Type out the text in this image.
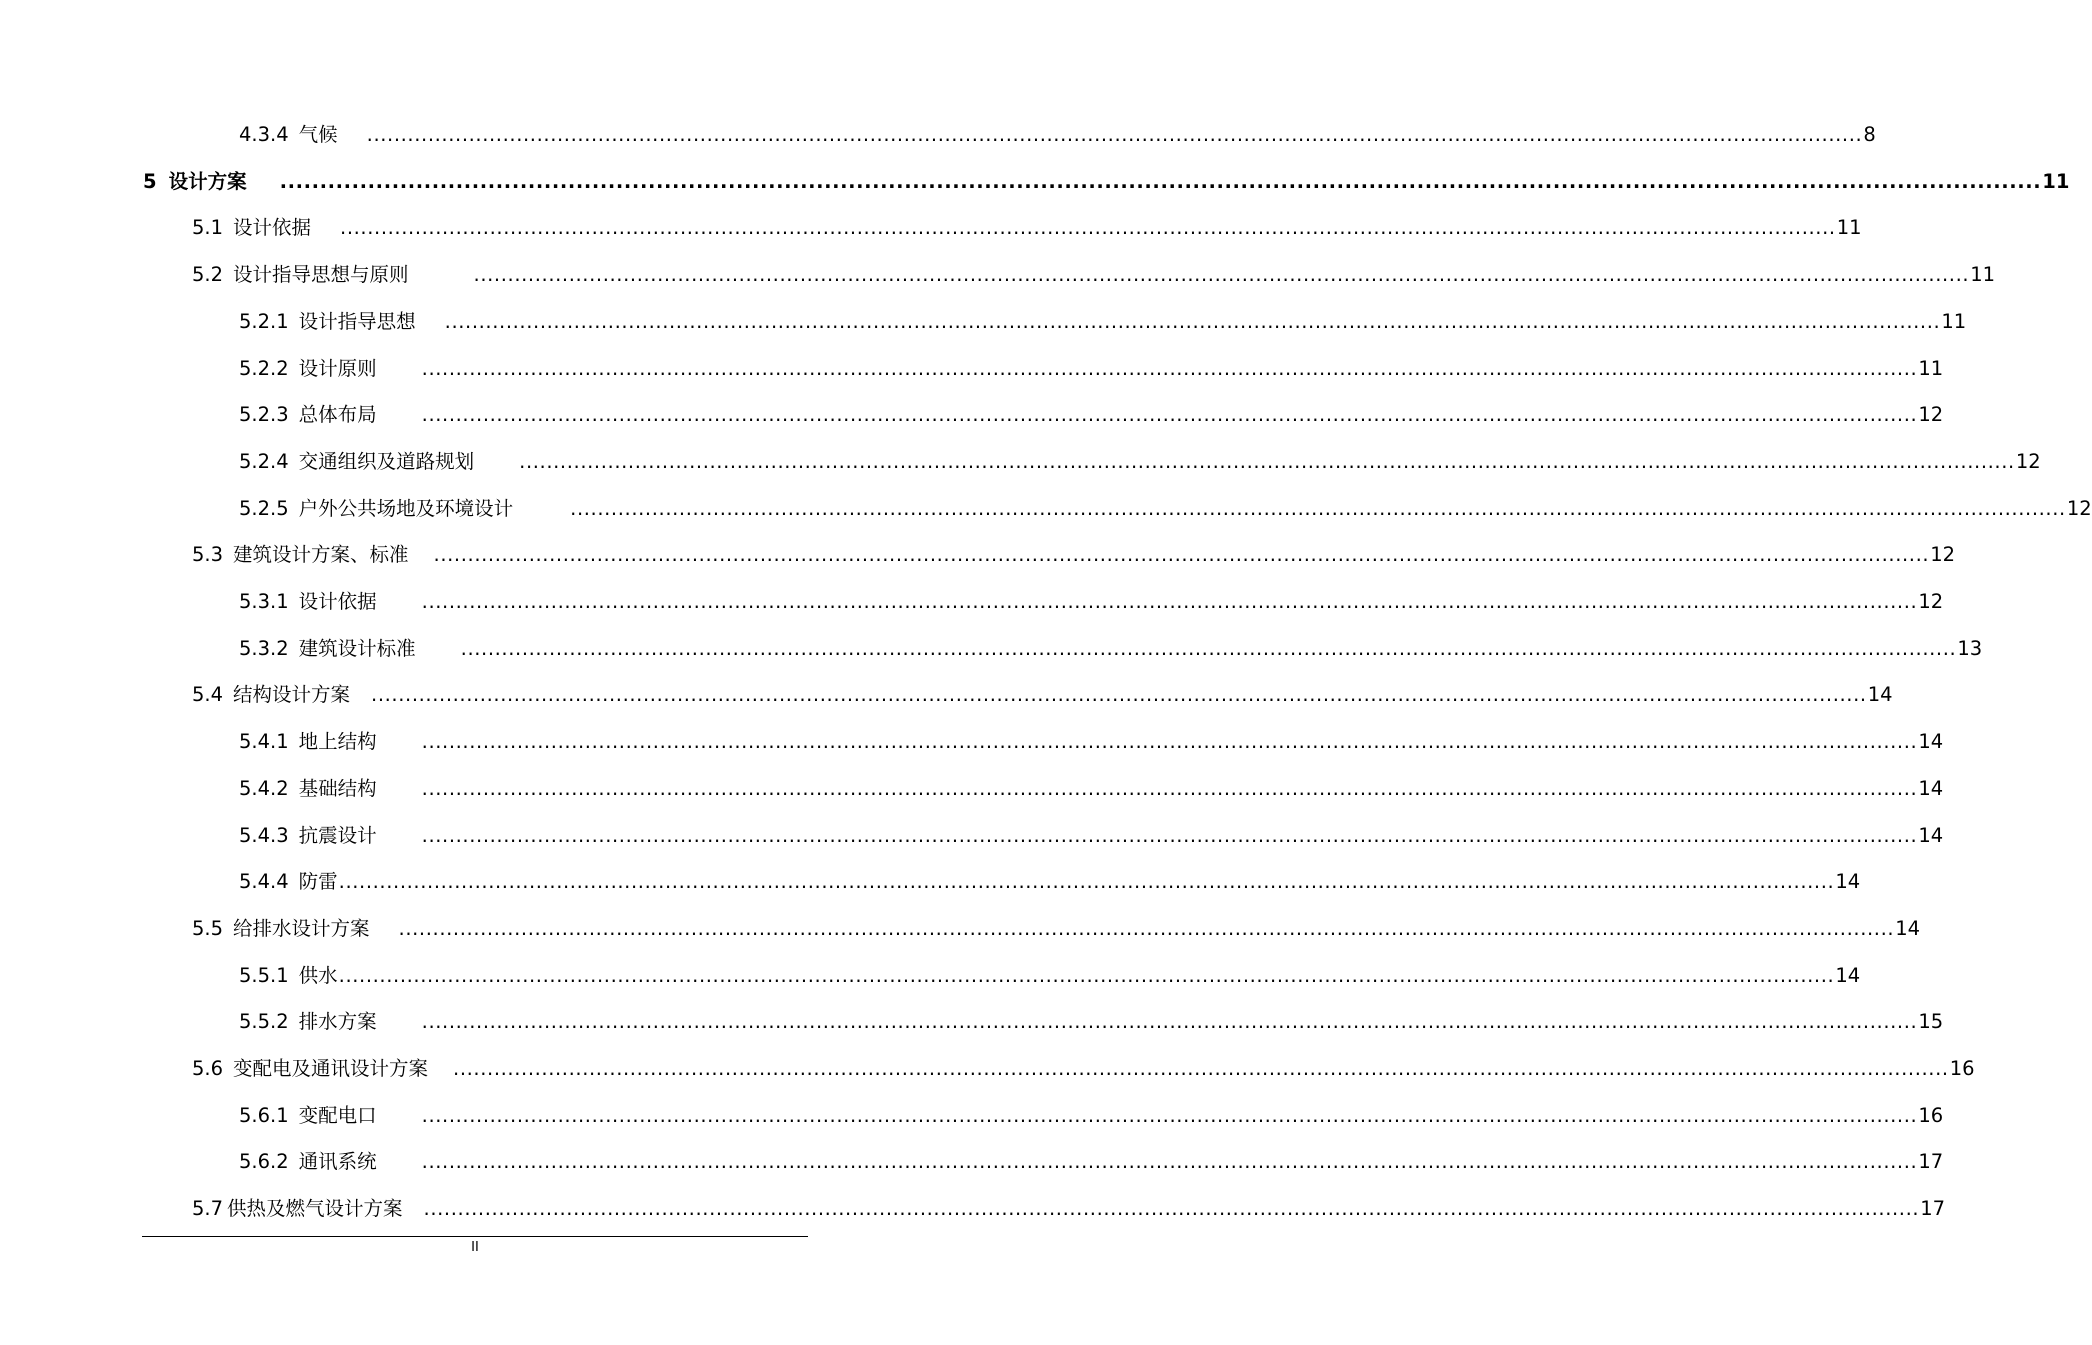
4.3.4 气候 ............................................................................................................................................................................................................................ 8
5 设计方案 ............................................................................................................................................................................................................................ 11
5.1 设计依据 ............................................................................................................................................................................................................................ 11
5.2 设计指导思想与原则	............................................................................................................................................................................................................................ 11
5.2.1 设计指导思想 ............................................................................................................................................................................................................................ 11
5.2.2 设计原则 ............................................................................................................................................................................................................................ 11
5.2.3 总体布局 ............................................................................................................................................................................................................................ 12
5.2.4 交通组织及道路规划 ............................................................................................................................................................................................................................ 12
5.2.5 户外公共场地及环境设计	............................................................................................................................................................................................................................ 12
5.3 建筑设计方案、标准 ............................................................................................................................................................................................................................ 12
5.3.1 设计依据 ............................................................................................................................................................................................................................ 12
5.3.2 建筑设计标准 ............................................................................................................................................................................................................................ 13
5.4 结构设计方案 ............................................................................................................................................................................................................................ 14
5.4.1 地上结构 ............................................................................................................................................................................................................................ 14
5.4.2 基础结构 ............................................................................................................................................................................................................................ 14
5.4.3 抗震设计 ............................................................................................................................................................................................................................ 14
5.4.4 防雷 ............................................................................................................................................................................................................................ 14
5.5 给排水设计方案 ............................................................................................................................................................................................................................ 14
5.5.1 供水 ............................................................................................................................................................................................................................ 14
5.5.2 排水方案 ............................................................................................................................................................................................................................ 15
5.6 变配电及通讯设计方案 ............................................................................................................................................................................................................................ 16
5.6.1 变配电口 ............................................................................................................................................................................................................................ 16
5.6.2 通讯系统 ............................................................................................................................................................................................................................ 17
5.7 供热及燃气设计方案 ............................................................................................................................................................................................................................ 17
II
